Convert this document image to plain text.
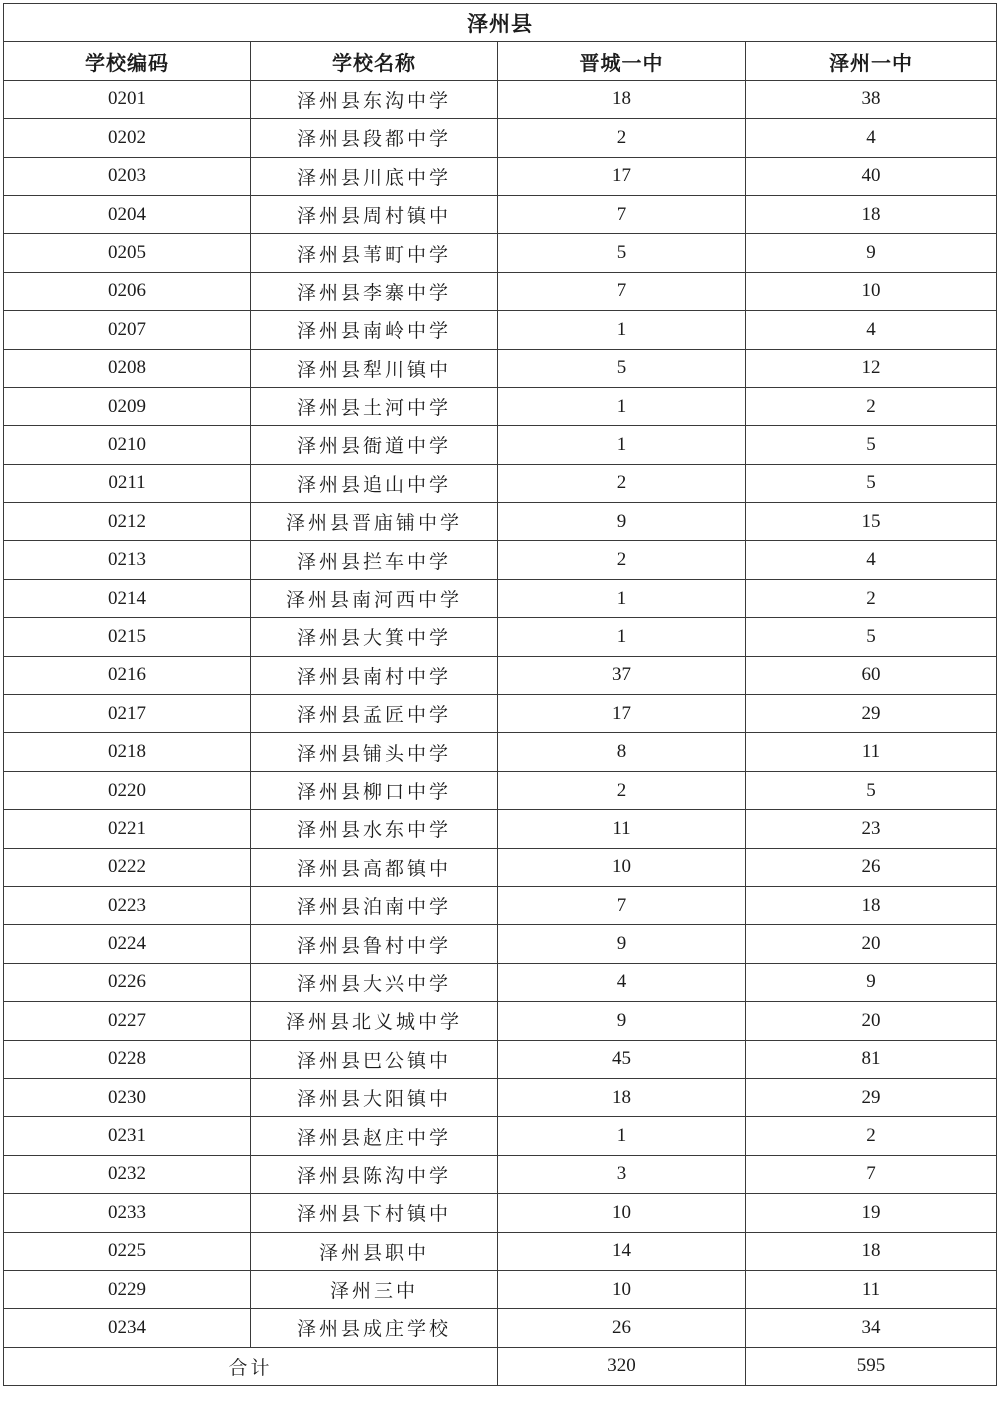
泽州县			
学校编码	学校名称	晋城一中	泽州一中
0201	泽州县东沟中学	18	38
0202	泽州县段都中学	2	4
0203	泽州县川底中学	17	40
0204	泽州县周村镇中	7	18
0205	泽州县苇町中学	5	9
0206	泽州县李寨中学	7	10
0207	泽州县南岭中学	1	4
0208	泽州县犁川镇中	5	12
0209	泽州县土河中学	1	2
0210	泽州县衙道中学	1	5
0211	泽州县追山中学	2	5
0212	泽州县晋庙铺中学	9	15
0213	泽州县拦车中学	2	4
0214	泽州县南河西中学	1	2
0215	泽州县大箕中学	1	5
0216	泽州县南村中学	37	60
0217	泽州县孟匠中学	17	29
0218	泽州县铺头中学	8	11
0220	泽州县柳口中学	2	5
0221	泽州县水东中学	11	23
0222	泽州县高都镇中	10	26
0223	泽州县泊南中学	7	18
0224	泽州县鲁村中学	9	20
0226	泽州县大兴中学	4	9
0227	泽州县北义城中学	9	20
0228	泽州县巴公镇中	45	81
0230	泽州县大阳镇中	18	29
0231	泽州县赵庄中学	1	2
0232	泽州县陈沟中学	3	7
0233	泽州县下村镇中	10	19
0225	泽州县职中	14	18
0229	泽州三中	10	11
0234	泽州县成庄学校	26	34
合计		320	595
